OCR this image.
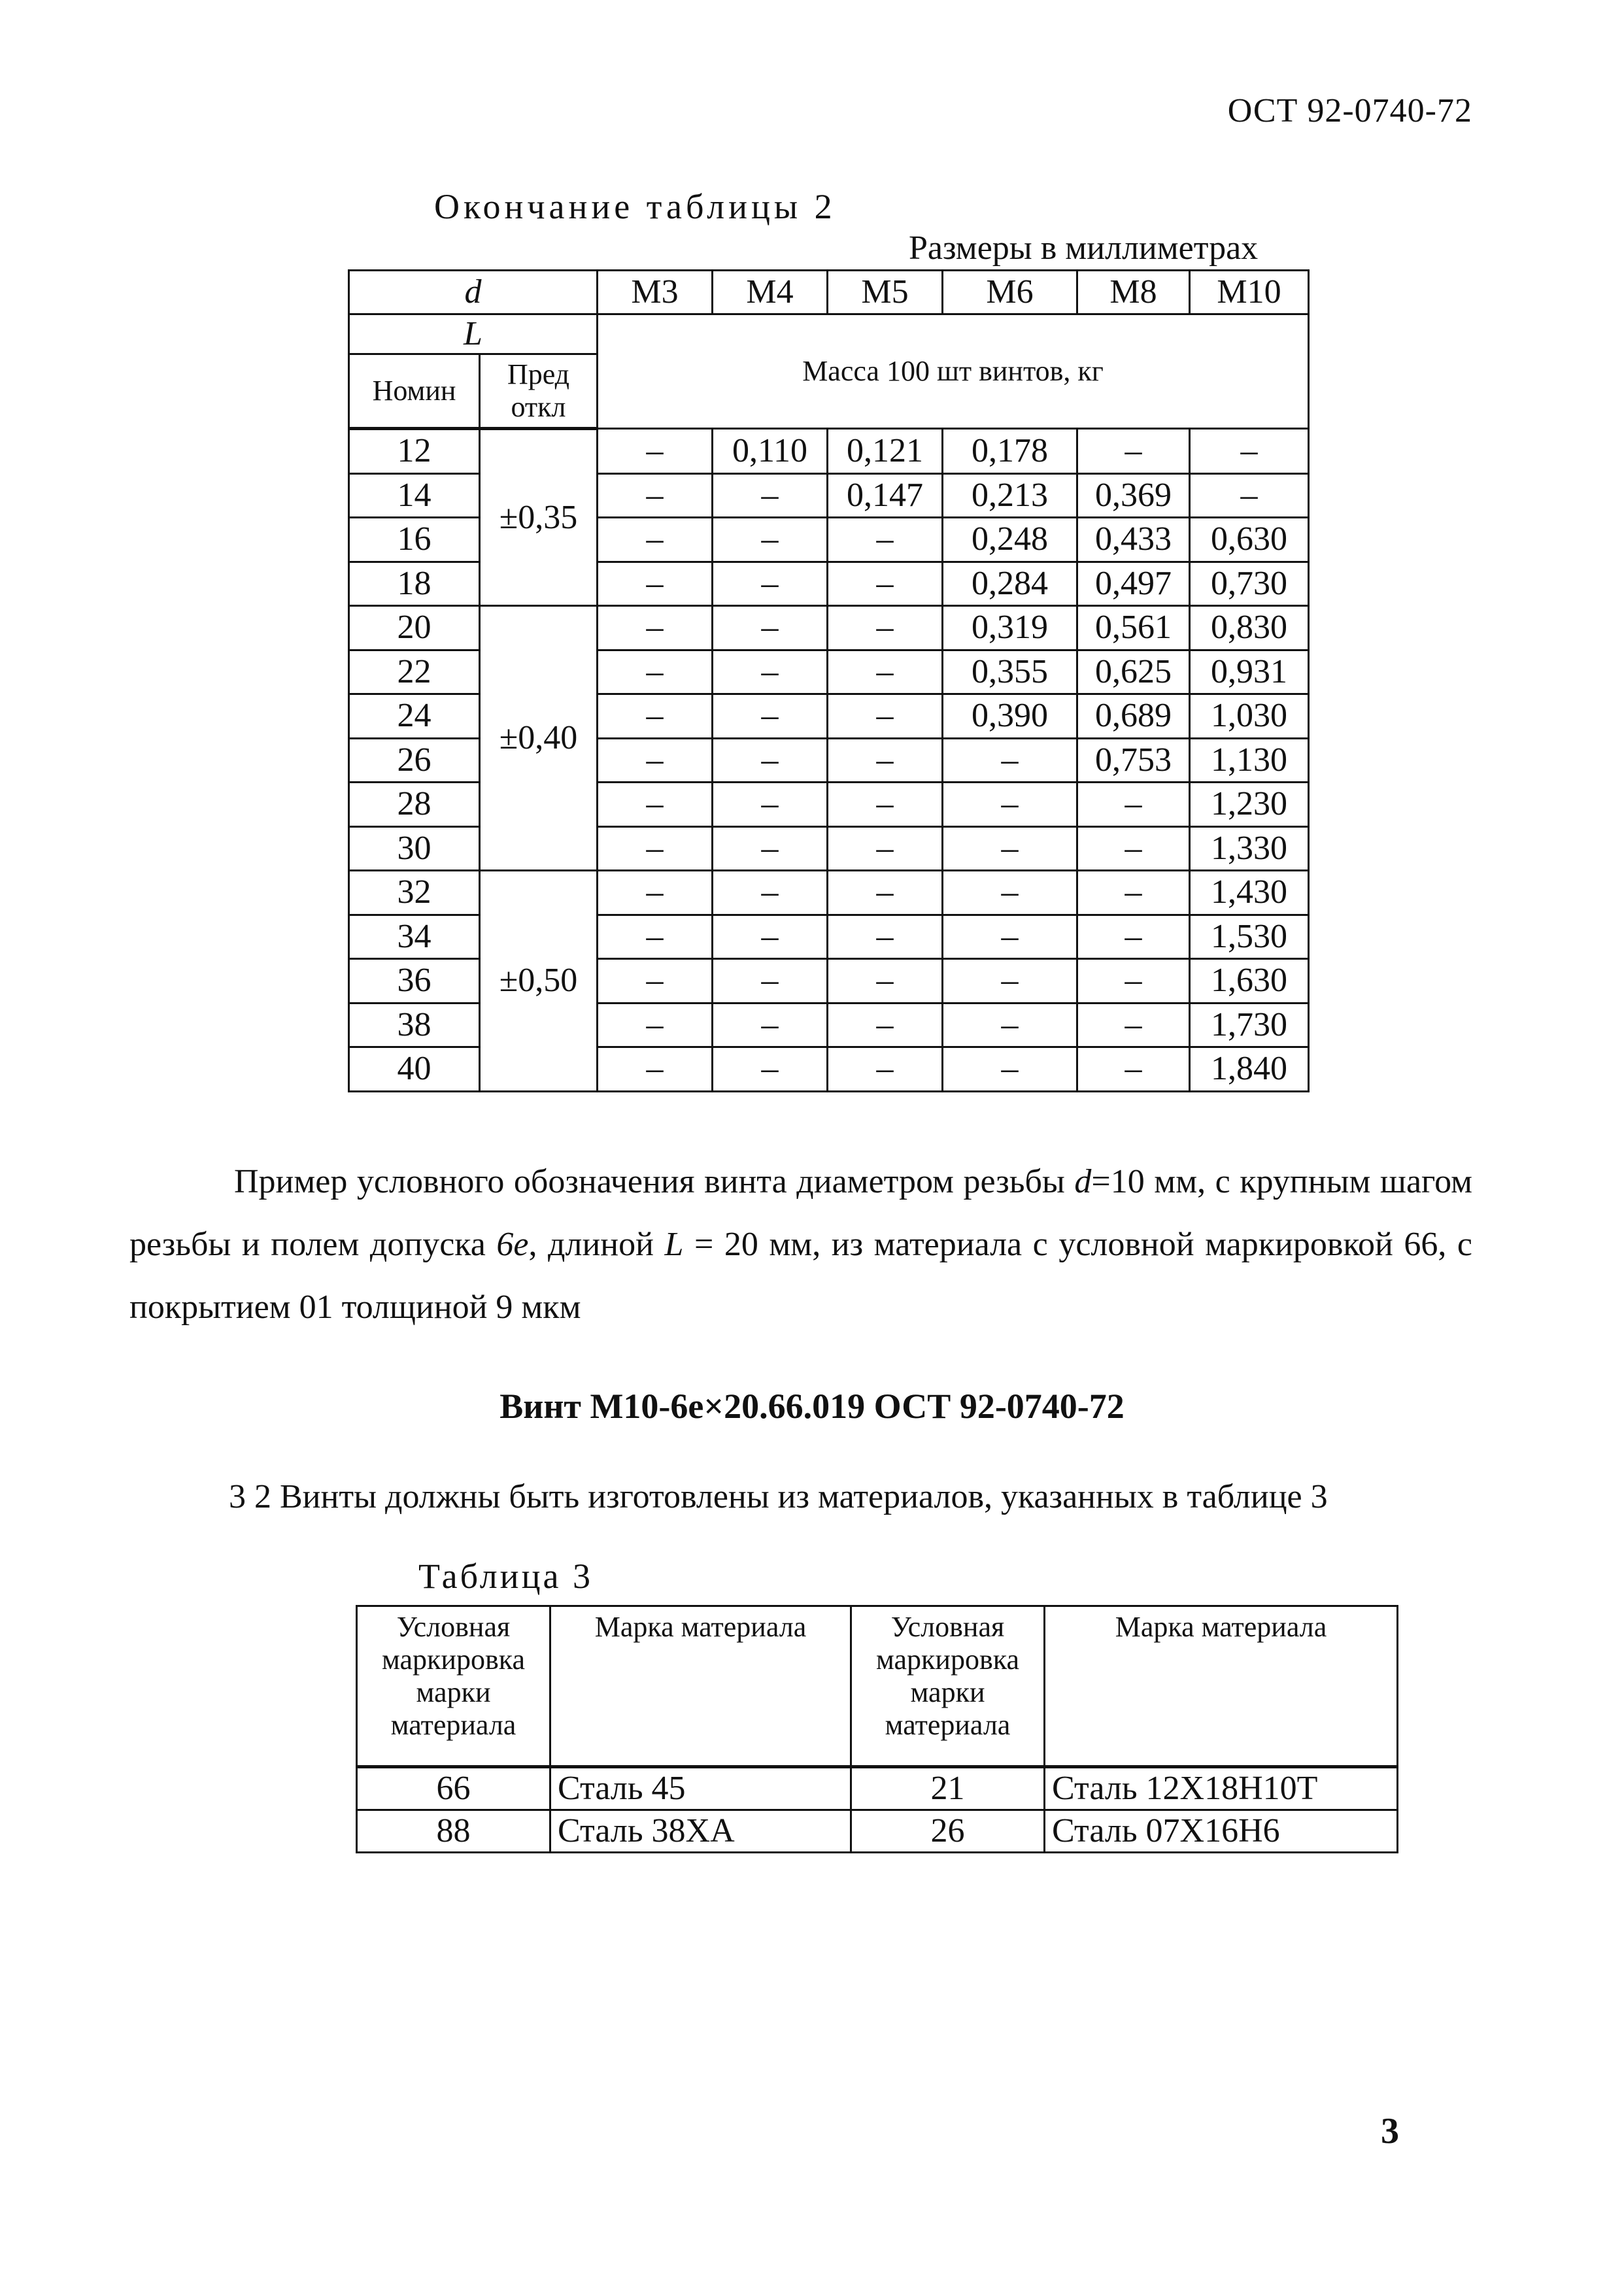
ОСТ 92-0740-72
Окончание таблицы 2
Размеры в миллиметрах
d		M3	M4	M5	M6	M8	M10
L		Масса 100 шт винтов, кг					
Номин	Пред откл						
12	±0,35	–	0,110	0,121	0,178	–	–
14		–	–	0,147	0,213	0,369	–
16		–	–	–	0,248	0,433	0,630
18		–	–	–	0,284	0,497	0,730
20	±0,40	–	–	–	0,319	0,561	0,830
22		–	–	–	0,355	0,625	0,931
24		–	–	–	0,390	0,689	1,030
26		–	–	–	–	0,753	1,130
28		–	–	–	–	–	1,230
30		–	–	–	–	–	1,330
32	±0,50	–	–	–	–	–	1,430
34		–	–	–	–	–	1,530
36		–	–	–	–	–	1,630
38		–	–	–	–	–	1,730
40		–	–	–	–	–	1,840
Пример условного обозначения винта диаметром резьбы d=10 мм, с крупным шагом резьбы и полем допуска 6е, длиной L = 20 мм, из материала с условной маркировкой 66, с покрытием 01 толщиной 9 мкм
Винт М10-6е×20.66.019 ОСТ 92-0740-72
3 2 Винты должны быть изготовлены из материалов, указанных в таблице 3
Таблица 3
Условная маркировка марки материала	Марка материала	Условная маркировка марки материала	Марка материала
66	Сталь 45	21	Сталь 12Х18Н10Т
88	Сталь 38ХА	26	Сталь 07Х16Н6
3
